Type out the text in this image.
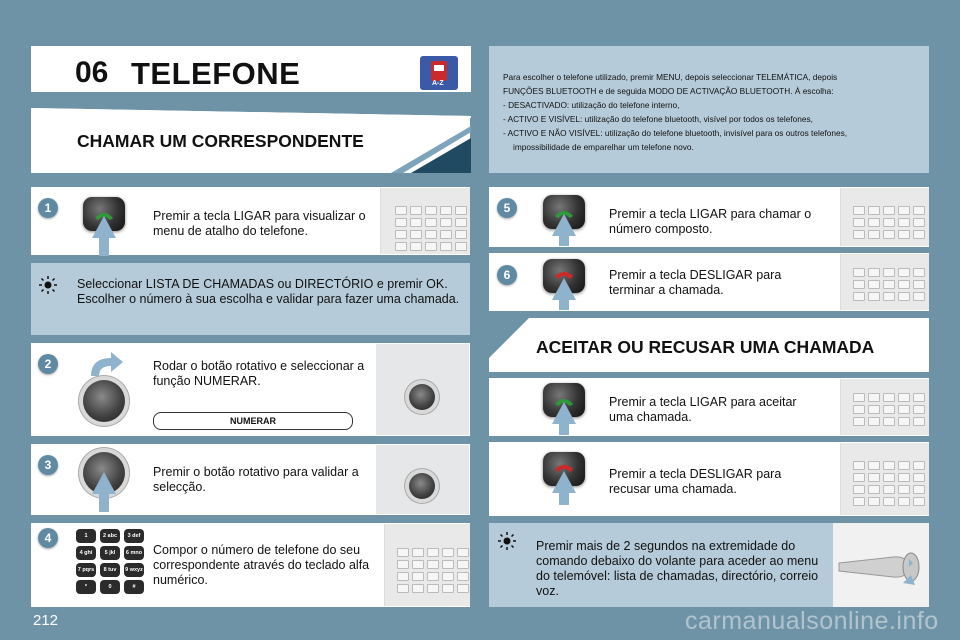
06 TELEFONE	A-Z
CHAMAR UM CORRESPONDENTE
Para escolher o telefone utilizado, premir MENU, depois seleccionar TELEMÁTICA, depois
FUNÇÕES BLUETOOTH e de seguida MODO DE ACTIVAÇÃO BLUETOOTH. À escolha:
- DESACTIVADO: utilização do telefone interno,
- ACTIVO E VISÍVEL: utilização do telefone bluetooth, visível por todos os telefones,
- ACTIVO E NÃO VISÍVEL: utilização do telefone bluetooth, invisível para os outros telefones,
impossibilidade de emparelhar um telefone novo.
1
Premir a tecla LIGAR para visualizar o menu de atalho do telefone.
Seleccionar LISTA DE CHAMADAS ou DIRECTÓRIO e premir OK. Escolher o número à sua escolha e validar para fazer uma chamada.
2	Rodar o botão rotativo e seleccionar a função NUMERAR.
NUMERAR
3	Premir o botão rotativo para validar a selecção.
4	1	2 abc	3 def
4 ghi	5 jkl	6 mno
7 pqrs	8 tuv	9 wxyz
*	0	#
Compor o número de telefone do seu correspondente através do teclado alfa numérico.
5	Premir a tecla LIGAR para chamar o número composto.
6	Premir a tecla DESLIGAR para terminar a chamada.
ACEITAR OU RECUSAR UMA CHAMADA
Premir a tecla LIGAR para aceitar uma chamada.
Premir a tecla DESLIGAR para recusar uma chamada.
Premir mais de 2 segundos na extremidade do comando debaixo do volante para aceder ao menu do telemóvel: lista de chamadas, directório, correio voz.
212	carmanualsonline.info
